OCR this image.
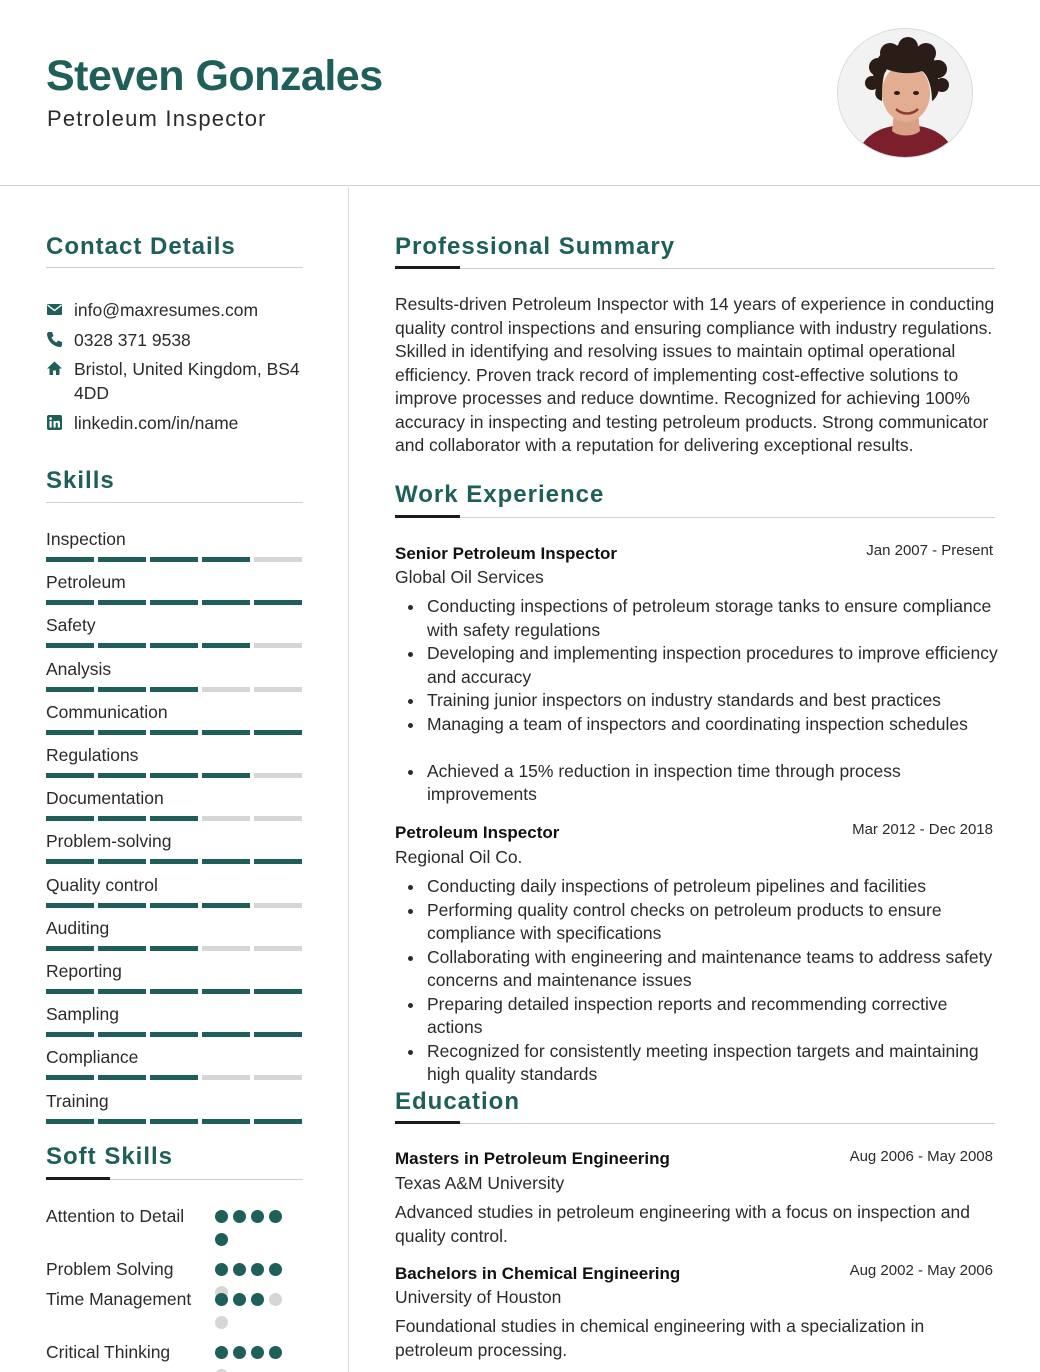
Steven Gonzales
Petroleum Inspector
Contact Details
info@maxresumes.com
0328 371 9538
Bristol, United Kingdom, BS4 4DD
linkedin.com/in/name
Skills
Inspection
Petroleum
Safety
Analysis
Communication
Regulations
Documentation
Problem-solving
Quality control
Auditing
Reporting
Sampling
Compliance
Training
Soft Skills
Attention to Detail
Problem Solving
Time Management
Critical Thinking
Professional Summary
Results-driven Petroleum Inspector with 14 years of experience in conducting quality control inspections and ensuring compliance with industry regulations. Skilled in identifying and resolving issues to maintain optimal operational efficiency. Proven track record of implementing cost-effective solutions to improve processes and reduce downtime. Recognized for achieving 100% accuracy in inspecting and testing petroleum products. Strong communicator and collaborator with a reputation for delivering exceptional results.
Work Experience
Senior Petroleum Inspector	Jan 2007 - Present
Global Oil Services
Conducting inspections of petroleum storage tanks to ensure compliance with safety regulations
Developing and implementing inspection procedures to improve efficiency and accuracy
Training junior inspectors on industry standards and best practices
Managing a team of inspectors and coordinating inspection schedules
Achieved a 15% reduction in inspection time through process improvements
Petroleum Inspector	Mar 2012 - Dec 2018
Regional Oil Co.
Conducting daily inspections of petroleum pipelines and facilities
Performing quality control checks on petroleum products to ensure compliance with specifications
Collaborating with engineering and maintenance teams to address safety concerns and maintenance issues
Preparing detailed inspection reports and recommending corrective actions
Recognized for consistently meeting inspection targets and maintaining high quality standards
Education
Masters in Petroleum Engineering	Aug 2006 - May 2008
Texas A&M University
Advanced studies in petroleum engineering with a focus on inspection and quality control.
Bachelors in Chemical Engineering	Aug 2002 - May 2006
University of Houston
Foundational studies in chemical engineering with a specialization in petroleum processing.
